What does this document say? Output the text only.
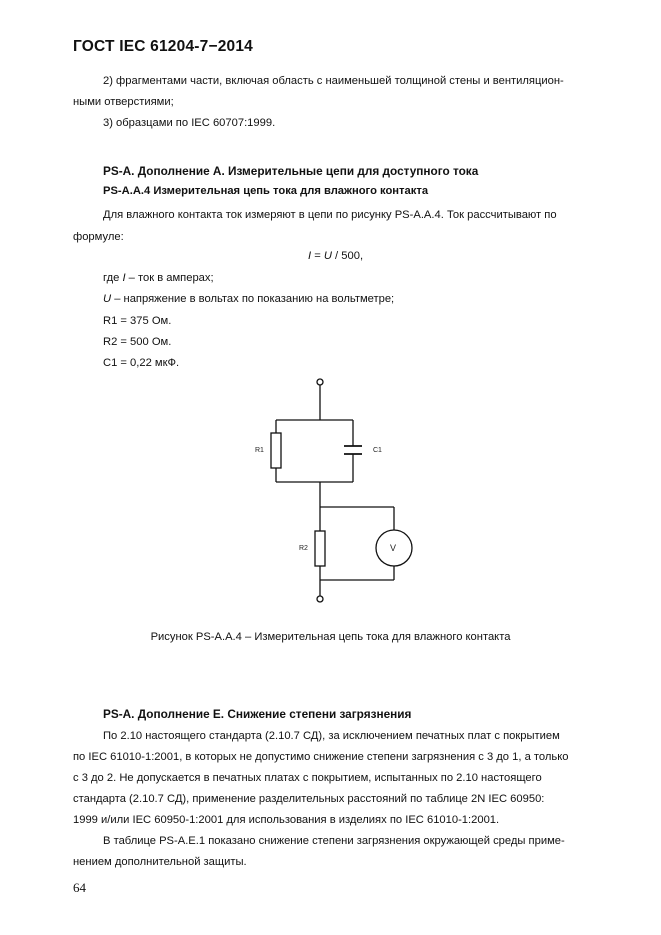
ГОСТ IEC 61204-7−2014
2) фрагментами части, включая область с наименьшей толщиной стены и вентиляцион-
ными отверстиями;
3) образцами по IEC 60707:1999.
PS-A. Дополнение А. Измерительные цепи для доступного тока
PS-A.A.4 Измерительная цепь тока для влажного контакта
Для влажного контакта ток измеряют в цепи по рисунку PS-A.A.4. Ток рассчитывают по
формуле:
I = U / 500,
где I – ток в амперах;
U – напряжение в вольтах по показанию на вольтметре;
R1 = 375 Ом.
R2 = 500 Ом.
C1 = 0,22 мкФ.
R1	C1
R2	V
Рисунок PS-A.A.4 – Измерительная цепь тока для влажного контакта
PS-A. Дополнение Е. Снижение степени загрязнения
По 2.10 настоящего стандарта (2.10.7 СД), за исключением печатных плат с покрытием
по IEC 61010-1:2001, в которых не допустимо снижение степени загрязнения с 3 до 1, а только
с 3 до 2. Не допускается в печатных платах с покрытием, испытанных по 2.10 настоящего
стандарта (2.10.7 СД), применение разделительных расстояний по таблице 2N IEC 60950:
1999 и/или IEC 60950-1:2001 для использования в изделиях по IEC 61010-1:2001.
В таблице PS-A.E.1 показано снижение степени загрязнения окружающей среды приме-
нением дополнительной защиты.
64
